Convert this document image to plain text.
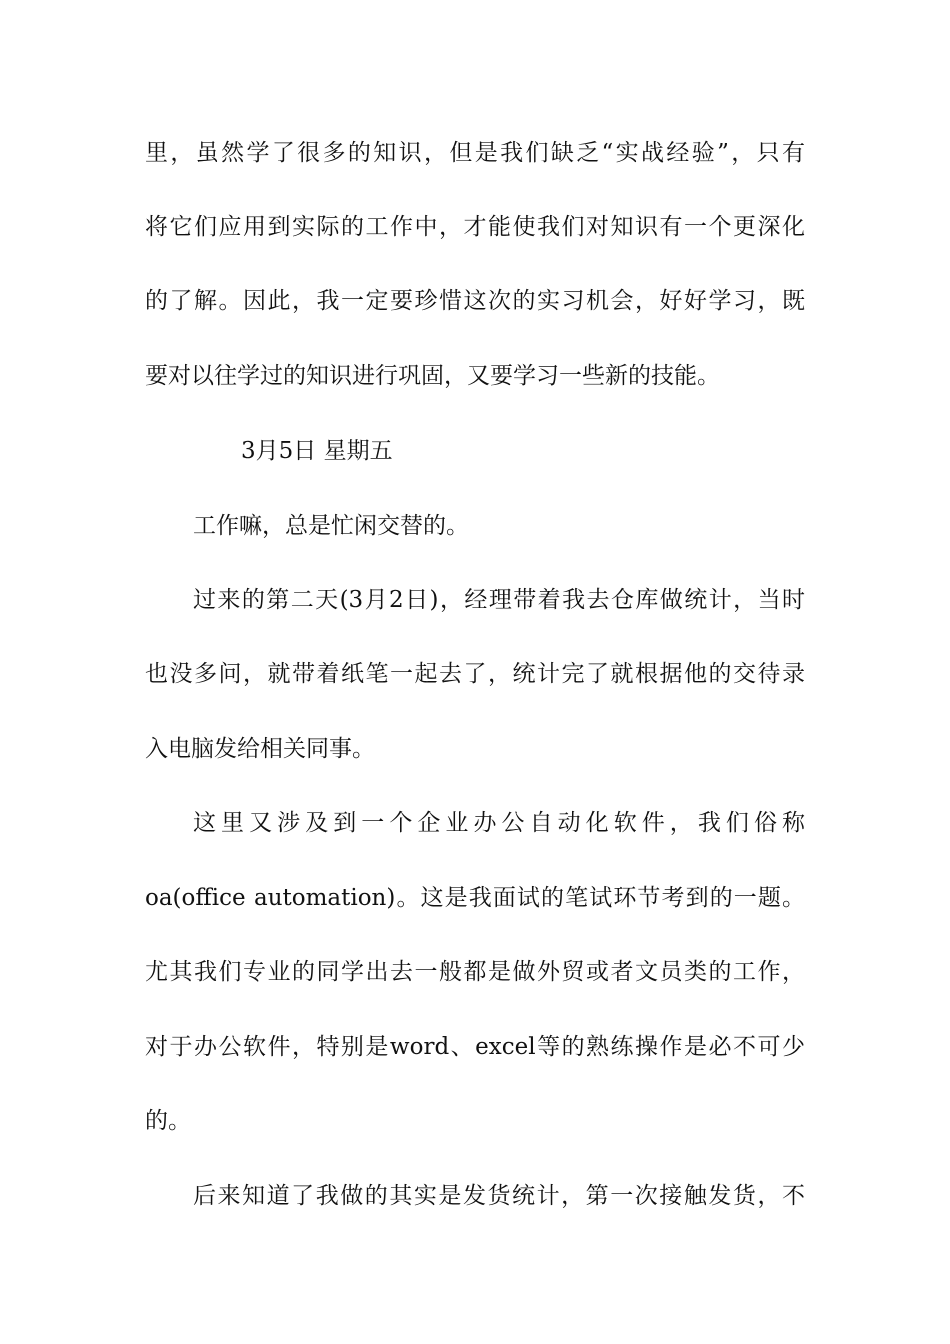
里，虽然学了很多的知识，但是我们缺乏“实战经验”，只有
将它们应用到实际的工作中，才能使我们对知识有一个更深化
的了解。因此，我一定要珍惜这次的实习机会，好好学习，既
要对以往学过的知识进行巩固，又要学习一些新的技能。
3月5日 星期五
工作嘛，总是忙闲交替的。
过来的第二天(3月2日)，经理带着我去仓库做统计，当时
也没多问，就带着纸笔一起去了，统计完了就根据他的交待录
入电脑发给相关同事。
这里又涉及到一个企业办公自动化软件，我们俗称
oa(office automation)。这是我面试的笔试环节考到的一题。
尤其我们专业的同学出去一般都是做外贸或者文员类的工作，
对于办公软件，特别是word、excel等的熟练操作是必不可少
的。
后来知道了我做的其实是发货统计，第一次接触发货，不
